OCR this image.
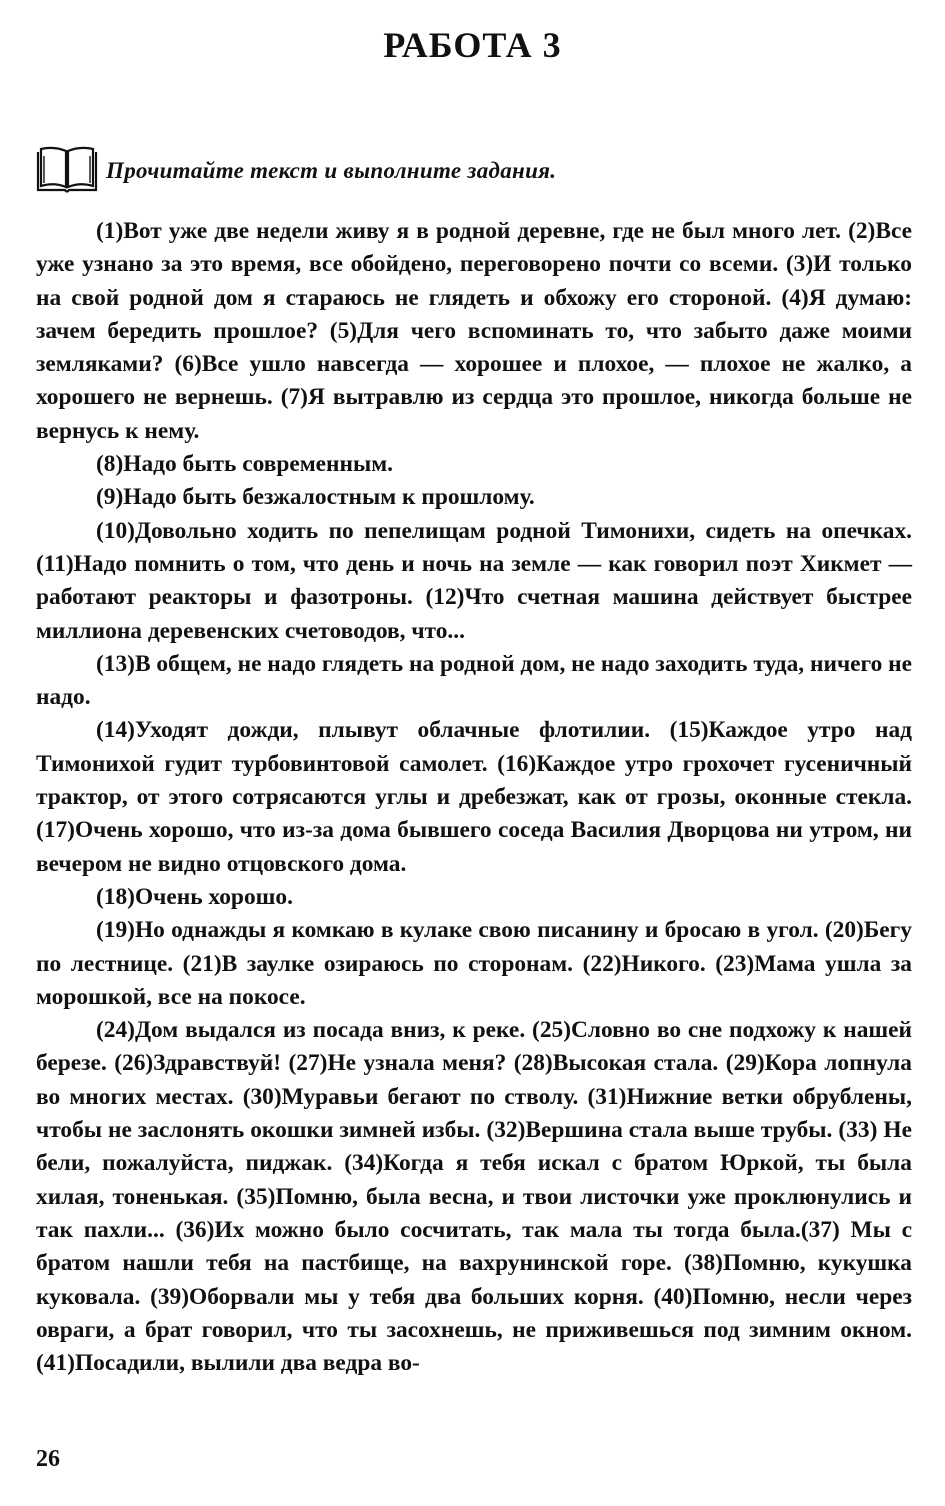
РАБОТА 3
Прочитайте текст и выполните задания.

(1)Вот уже две недели живу я в родной деревне, где не был много лет. (2)Все уже узнано за это время, все обойдено, переговорено почти со всеми. (3)И только на свой родной дом я стараюсь не глядеть и обхожу его стороной. (4)Я думаю: зачем бередить прошлое? (5)Для чего вспоминать то, что забыто даже моими земляками? (6)Все ушло навсегда — хорошее и плохое, — плохое не жалко, а хорошего не вернешь. (7)Я вытравлю из сердца это прошлое, никогда больше не вернусь к нему.

(8)Надо быть современным.

(9)Надо быть безжалостным к прошлому.

(10)Довольно ходить по пепелищам родной Тимонихи, сидеть на опечках. (11)Надо помнить о том, что день и ночь на земле — как говорил поэт Хикмет — работают реакторы и фазотроны. (12)Что счетная машина действует быстрее миллиона деревенских счетоводов, что...

(13)В общем, не надо глядеть на родной дом, не надо заходить туда, ничего не надо.

(14)Уходят дожди, плывут облачные флотилии. (15)Каждое утро над Тимонихой гудит турбовинтовой самолет. (16)Каждое утро грохочет гусеничный трактор, от этого сотрясаются углы и дребезжат, как от грозы, оконные стекла. (17)Очень хорошо, что из-за дома бывшего соседа Василия Дворцова ни утром, ни вечером не видно отцовского дома.

(18)Очень хорошо.

(19)Но однажды я комкаю в кулаке свою писанину и бросаю в угол. (20)Бегу по лестнице. (21)В заулке озираюсь по сторонам. (22)Никого. (23)Мама ушла за морошкой, все на покосе.

(24)Дом выдался из посада вниз, к реке. (25)Словно во сне подхожу к нашей березе. (26)Здравствуй! (27)Не узнала меня? (28)Высокая стала. (29)Кора лопнула во многих местах. (30)Муравьи бегают по стволу. (31)Нижние ветки обрублены, чтобы не заслонять окошки зимней избы. (32)Вершина стала выше трубы. (33) Не бели, пожалуйста, пиджак. (34)Когда я тебя искал с братом Юркой, ты была хилая, тоненькая. (35)Помню, была весна, и твои листочки уже проклюнулись и так пахли... (36)Их можно было сосчитать, так мала ты тогда была.(37) Мы с братом нашли тебя на пастбище, на вахрунинской горе. (38)Помню, кукушка куковала. (39)Оборвали мы у тебя два больших корня. (40)Помню, несли через овраги, а брат говорил, что ты засохнешь, не приживешься под зимним окном. (41)Посадили, вылили два ведра во-

26
